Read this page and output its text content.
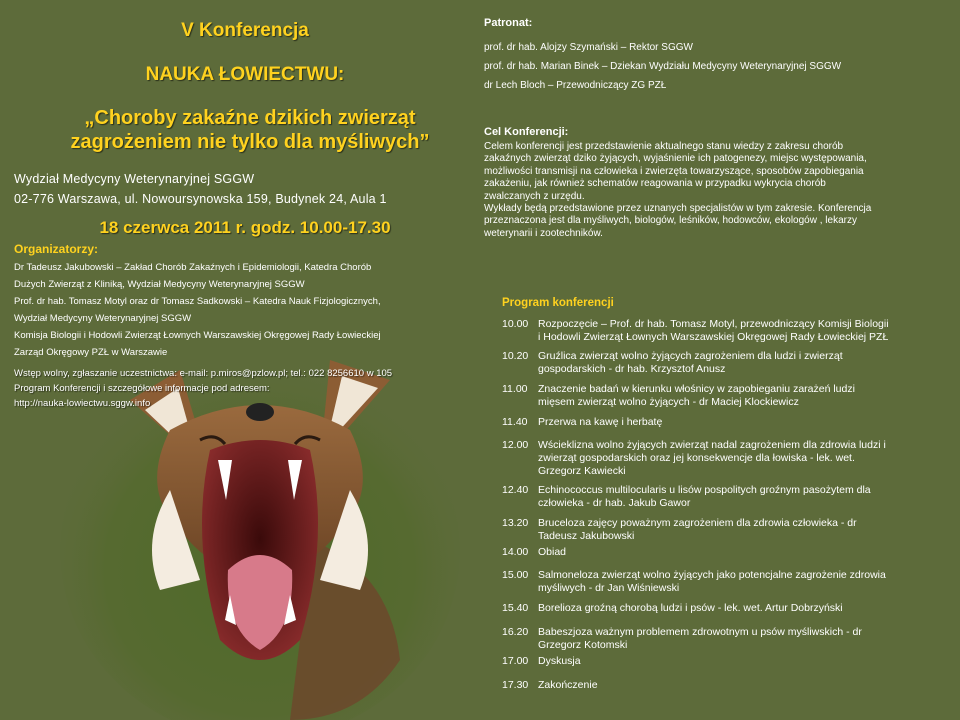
V Konferencja
NAUKA ŁOWIECTWU:
„Choroby zakaźne dzikich zwierząt
zagrożeniem nie tylko dla myśliwych”
Wydział Medycyny Weterynaryjnej SGGW
02-776 Warszawa, ul. Nowoursynowska 159, Budynek 24, Aula 1
18 czerwca 2011 r. godz. 10.00-17.30
Organizatorzy:
Dr Tadeusz Jakubowski – Zakład Chorób Zakaźnych i Epidemiologii, Katedra Chorób
Dużych Zwierząt z Kliniką, Wydział Medycyny Weterynaryjnej SGGW
Prof. dr hab. Tomasz Motyl oraz dr Tomasz Sadkowski – Katedra Nauk Fizjologicznych,
Wydział Medycyny Weterynaryjnej SGGW
Komisja Biologii i Hodowli Zwierząt Łownych Warszawskiej Okręgowej Rady Łowieckiej
Zarząd Okręgowy PZŁ w Warszawie
Wstęp wolny, zgłaszanie uczestnictwa: e-mail: p.miros@pzlow.pl; tel.: 022 8256610 w 105
Program Konferencji i szczegółowe informacje pod adresem:
http://nauka-lowiectwu.sggw.info
Patronat:
prof. dr hab. Alojzy Szymański – Rektor SGGW
prof. dr hab. Marian Binek – Dziekan Wydziału Medycyny Weterynaryjnej SGGW
dr Lech Bloch – Przewodniczący ZG PZŁ
Cel Konferencji:
Celem konferencji jest przedstawienie aktualnego stanu wiedzy z zakresu chorób
zakaźnych zwierząt dziko żyjących, wyjaśnienie ich patogenezy, miejsc występowania,
możliwości transmisji na człowieka i zwierzęta towarzyszące, sposobów zapobiegania
zakażeniu, jak również schematów reagowania w przypadku wykrycia chorób
zwalczanych z urzędu.
Wykłady będą przedstawione przez uznanych specjalistów w tym zakresie. Konferencja
przeznaczona jest dla myśliwych, biologów, leśników, hodowców, ekologów , lekarzy
weterynarii i zootechników.
Program konferencji
10.00 Rozpoczęcie – Prof. dr hab. Tomasz Motyl, przewodniczący Komisji Biologii
i Hodowli Zwierząt Łownych Warszawskiej Okręgowej Rady Łowieckiej PZŁ
10.20 Gruźlica zwierząt wolno żyjących zagrożeniem dla ludzi i zwierząt
gospodarskich - dr hab. Krzysztof Anusz
11.00	Znaczenie badań w kierunku włośnicy w zapobieganiu zarażeń ludzi
mięsem zwierząt wolno żyjących - dr Maciej Klockiewicz
11.40	Przerwa na kawę i herbatę
12.00 Wścieklizna wolno żyjących zwierząt nadal zagrożeniem dla zdrowia ludzi i
zwierząt gospodarskich oraz jej konsekwencje dla łowiska - lek. wet.
Grzegorz Kawiecki
12.40 Echinococcus multilocularis u lisów pospolitych groźnym pasożytem dla
człowieka - dr hab. Jakub Gawor
13.20 Bruceloza zajęcy poważnym zagrożeniem dla zdrowia człowieka - dr
Tadeusz Jakubowski
14.00 Obiad
15.00 Salmoneloza zwierząt wolno żyjących jako potencjalne zagrożenie zdrowia
myśliwych - dr Jan Wiśniewski
15.40 Borelioza groźną chorobą ludzi i psów - lek. wet. Artur Dobrzyński
16.20 Babeszjoza ważnym problemem zdrowotnym u psów myśliwskich - dr
Grzegorz Kotomski
17.00 Dyskusja
17.30 Zakończenie
